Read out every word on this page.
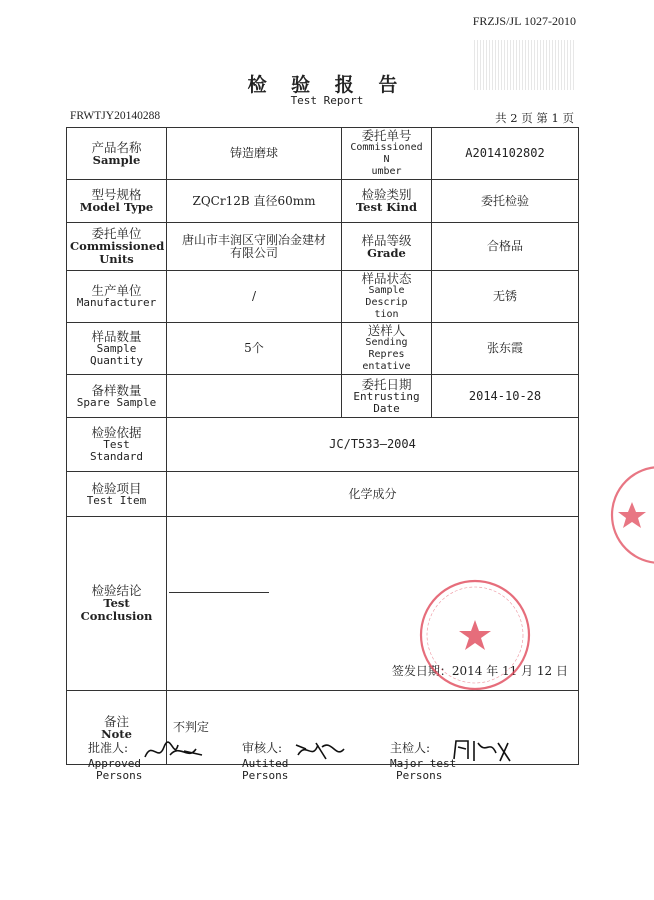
FRZJS/JL 1027-2010
检 验 报 告
Test Report
FRWTJY20140288	共 2 页 第 1 页
产品名称
Sample	铸造磨球	委托单号
Commissioned N
umber	A2014102802

型号规格
Model Type	ZQCr12B 直径60mm	检验类别
Test Kind	委托检验

委托单位
Commissioned
Units	唐山市丰润区守刚冶金建材
有限公司	样品等级
Grade	合格品

生产单位
Manufacturer	/	样品状态
Sample Descrip
tion	无锈

样品数量
Sample
Quantity	5个	送样人
Sending Repres
entative	张东霞

备样数量
Spare Sample		委托日期
Entrusting
Date	2014-10-28

检验依据
Test
Standard	JC/T533—2004		

检验项目
Test Item	化学成分		

检验结论
Test
Conclusion	签发日期：2014 年 11 月 12 日		

备注
Note	不判定		
批准人:
Approved
Persons
审核人:
Autited
Persons
主检人:
Major test
Persons
